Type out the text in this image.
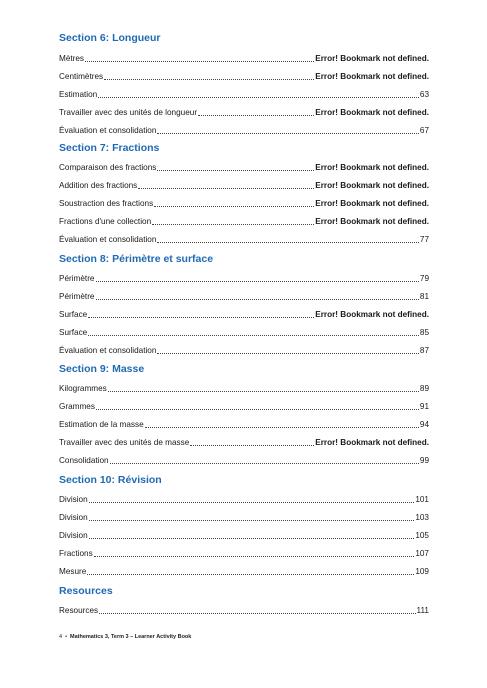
Section 6: Longueur
Mètres	Error! Bookmark not defined.
Centimètres	Error! Bookmark not defined.
Estimation	63
Travailler avec des unités de longueur	Error! Bookmark not defined.
Évaluation et consolidation	67
Section 7: Fractions
Comparaison des fractions	Error! Bookmark not defined.
Addition des fractions	Error! Bookmark not defined.
Soustraction des fractions	Error! Bookmark not defined.
Fractions d'une collection	Error! Bookmark not defined.
Évaluation et consolidation	77
Section 8: Périmètre et surface
Périmètre	79
Périmètre	81
Surface	Error! Bookmark not defined.
Surface	85
Évaluation et consolidation	87
Section 9: Masse
Kilogrammes	89
Grammes	91
Estimation de la masse	94
Travailler avec des unités de masse	Error! Bookmark not defined.
Consolidation	99
Section 10: Révision
Division	101
Division	103
Division	105
Fractions	107
Mesure	109
Resources
Resources	111
4 • Mathematics 3, Term 3 – Learner Activity Book
